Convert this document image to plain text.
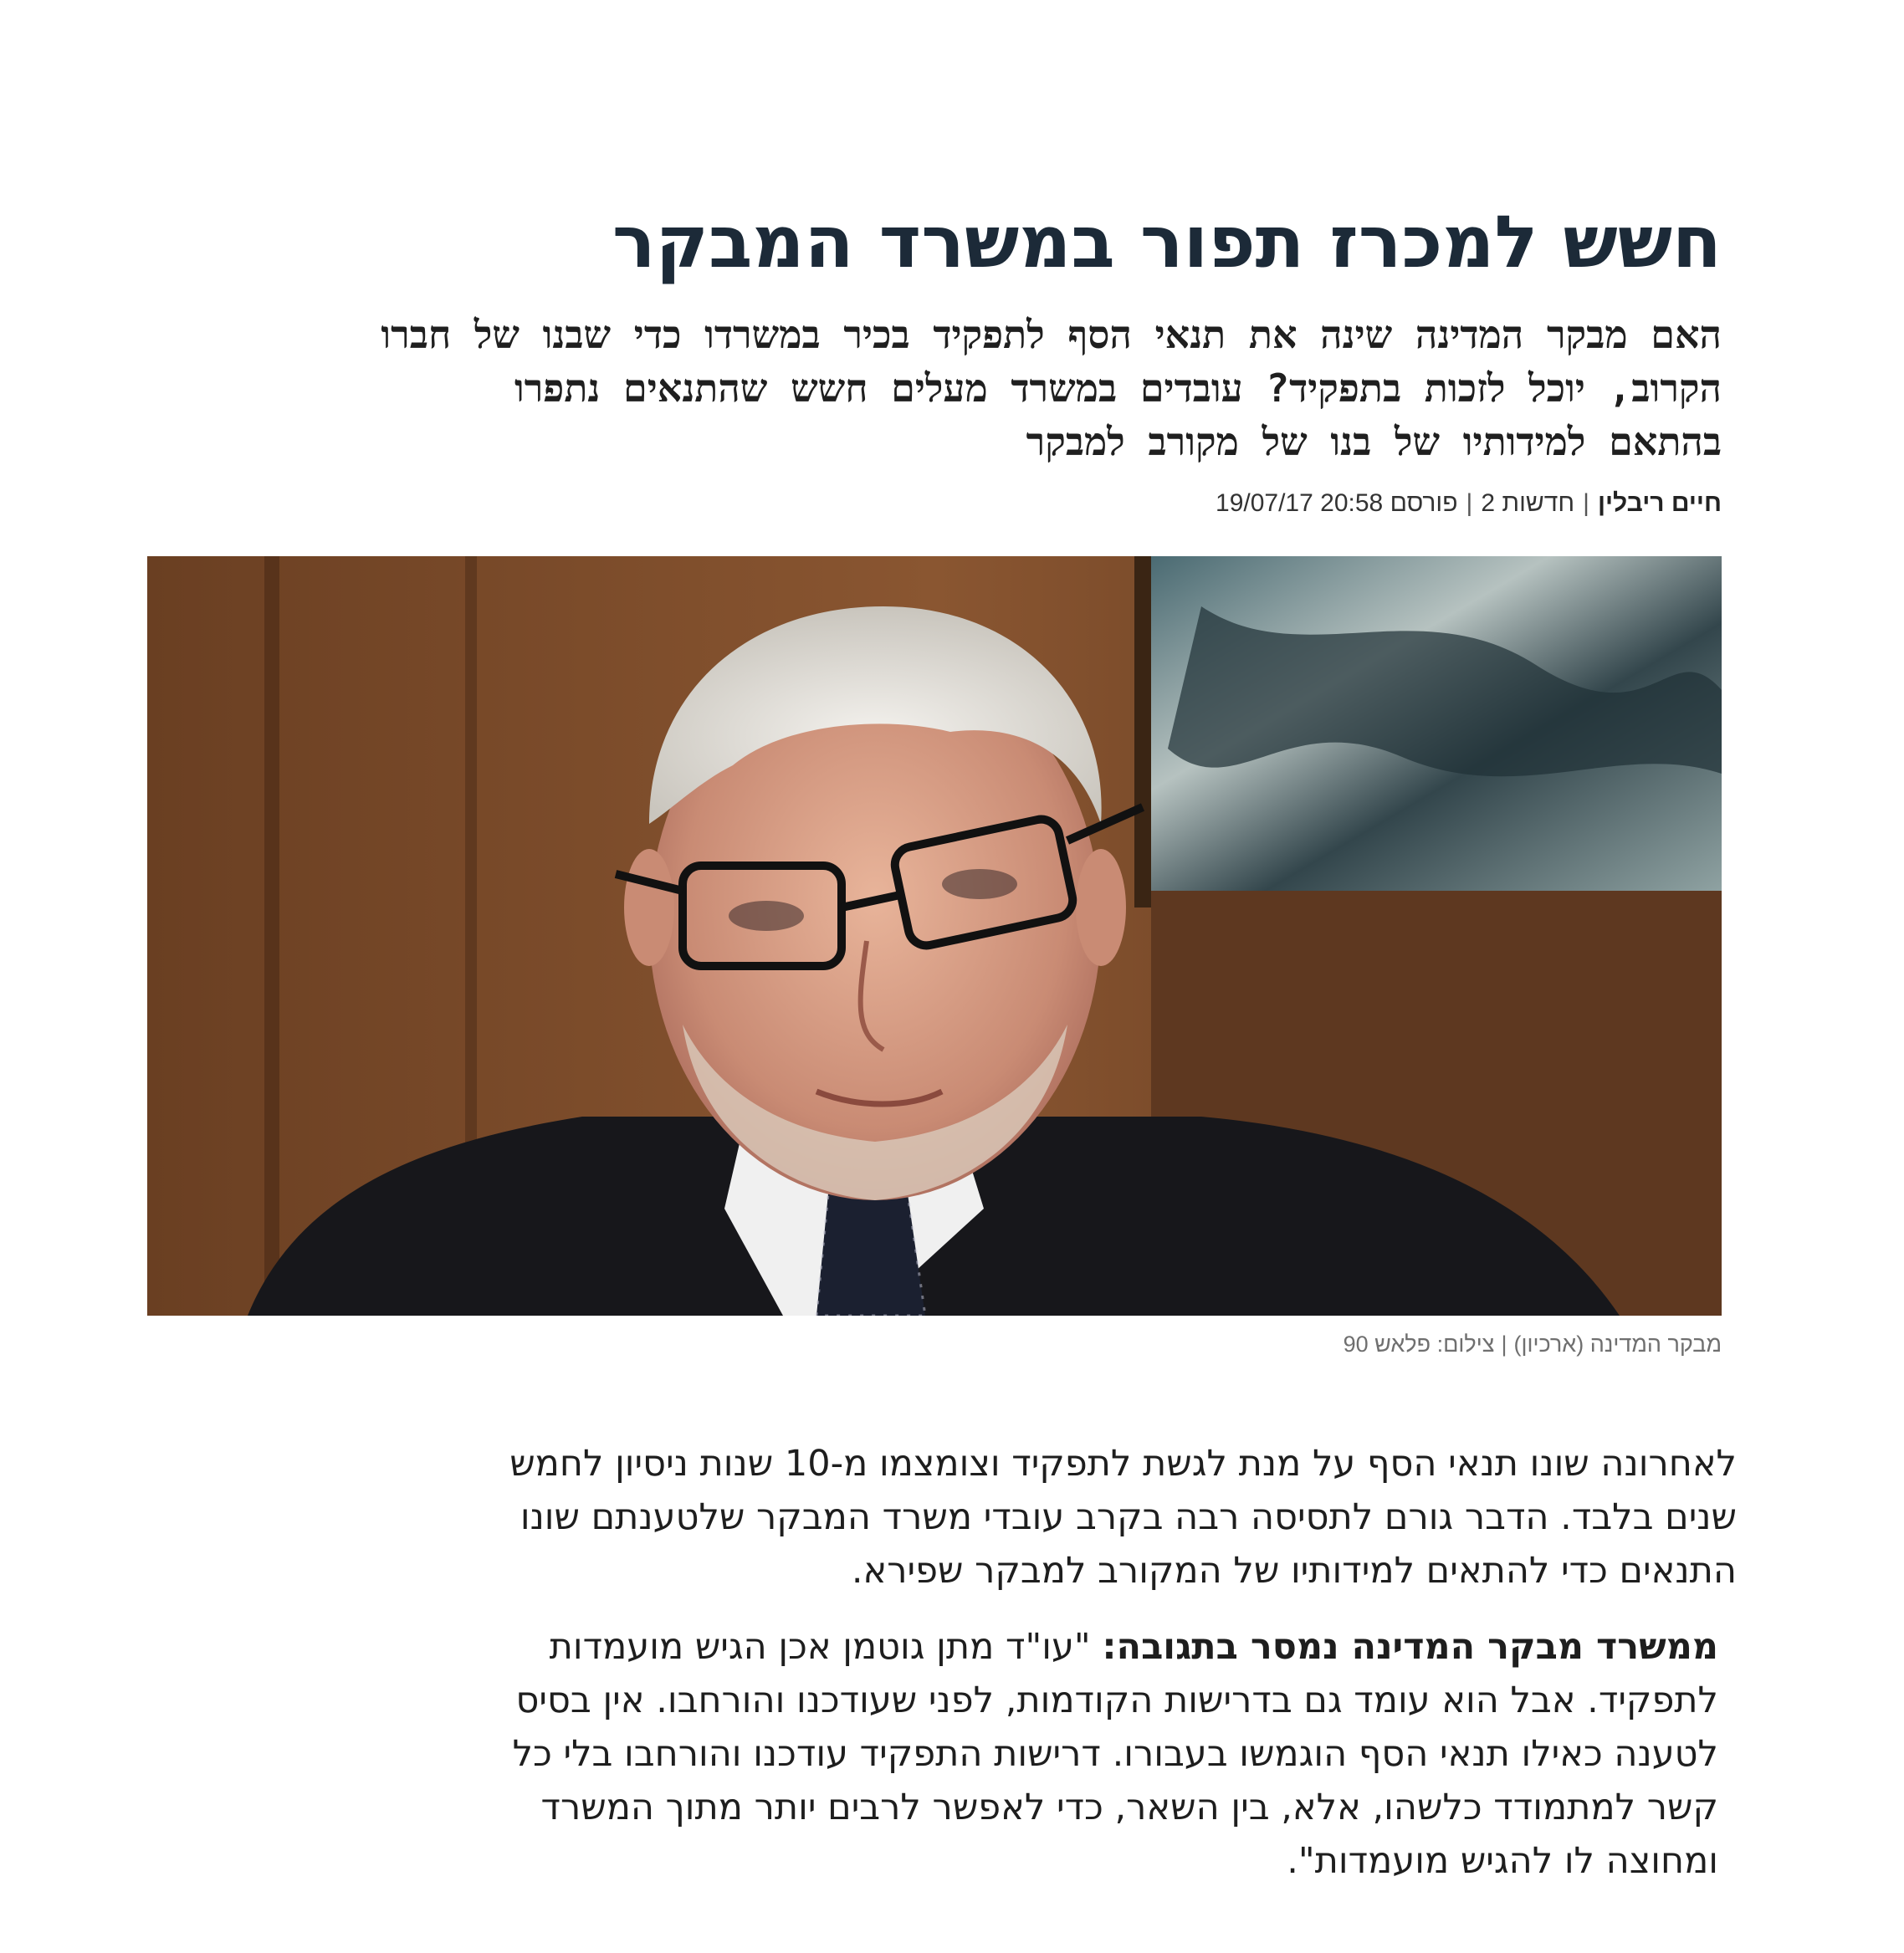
חשש למכרז תפור במשרד המבקר
האם מבקר המדינה שינה את תנאי הסף לתפקיד בכיר במשרדו כדי שבנו של חברו
הקרוב, יוכל לזכות בתפקיד? עובדים במשרד מעלים חשש שהתנאים נתפרו
בהתאם למידותיו של בנו של מקורב למבקר
חיים ריבלין|חדשות 2|פורסם 20:58 19/07/17
מבקר המדינה (ארכיון)|צילום: פלאש 90

לאחרונה שונו תנאי הסף על מנת לגשת לתפקיד וצומצמו מ-10 שנות ניסיון לחמש
שנים בלבד. הדבר גורם לתסיסה רבה בקרב עובדי משרד המבקר שלטענתם שונו
התנאים כדי להתאים למידותיו של המקורב למבקר שפירא.

ממשרד מבקר המדינה נמסר בתגובה: "עו"ד מתן גוטמן אכן הגיש מועמדות
לתפקיד. אבל הוא עומד גם בדרישות הקודמות, לפני שעודכנו והורחבו. אין בסיס
לטענה כאילו תנאי הסף הוגמשו בעבורו. דרישות התפקיד עודכנו והורחבו בלי כל
קשר למתמודד כלשהו, אלא, בין השאר, כדי לאפשר לרבים יותר מתוך המשרד
ומחוצה לו להגיש מועמדות".
